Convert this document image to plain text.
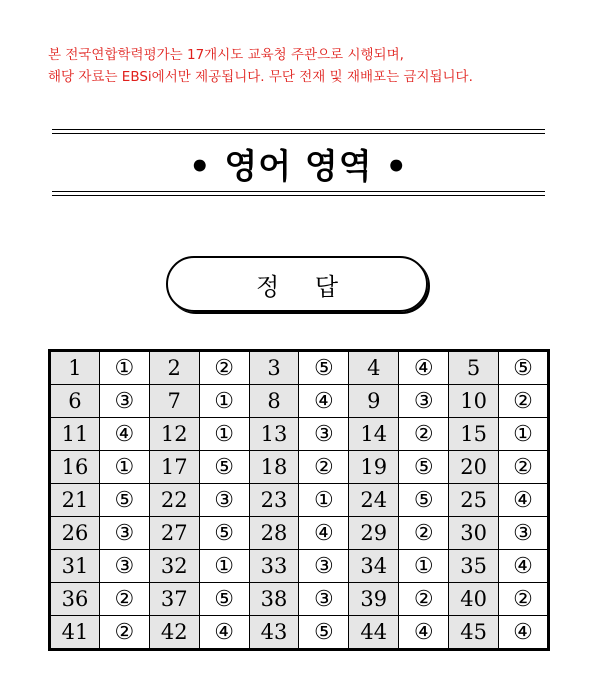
본 전국연합학력평가는 17개시도 교육청 주관으로 시행되며,
해당 자료는 EBSi에서만 제공됩니다. 무단 전재 및 재배포는 금지됩니다.
• 영어 영역 •
정 답
1	①	2	②	3	⑤	4	④	5	⑤
6	③	7	①	8	④	9	③	10	②
11	④	12	①	13	③	14	②	15	①
16	①	17	⑤	18	②	19	⑤	20	②
21	⑤	22	③	23	①	24	⑤	25	④
26	③	27	⑤	28	④	29	②	30	③
31	③	32	①	33	③	34	①	35	④
36	②	37	⑤	38	③	39	②	40	②
41	②	42	④	43	⑤	44	④	45	④
